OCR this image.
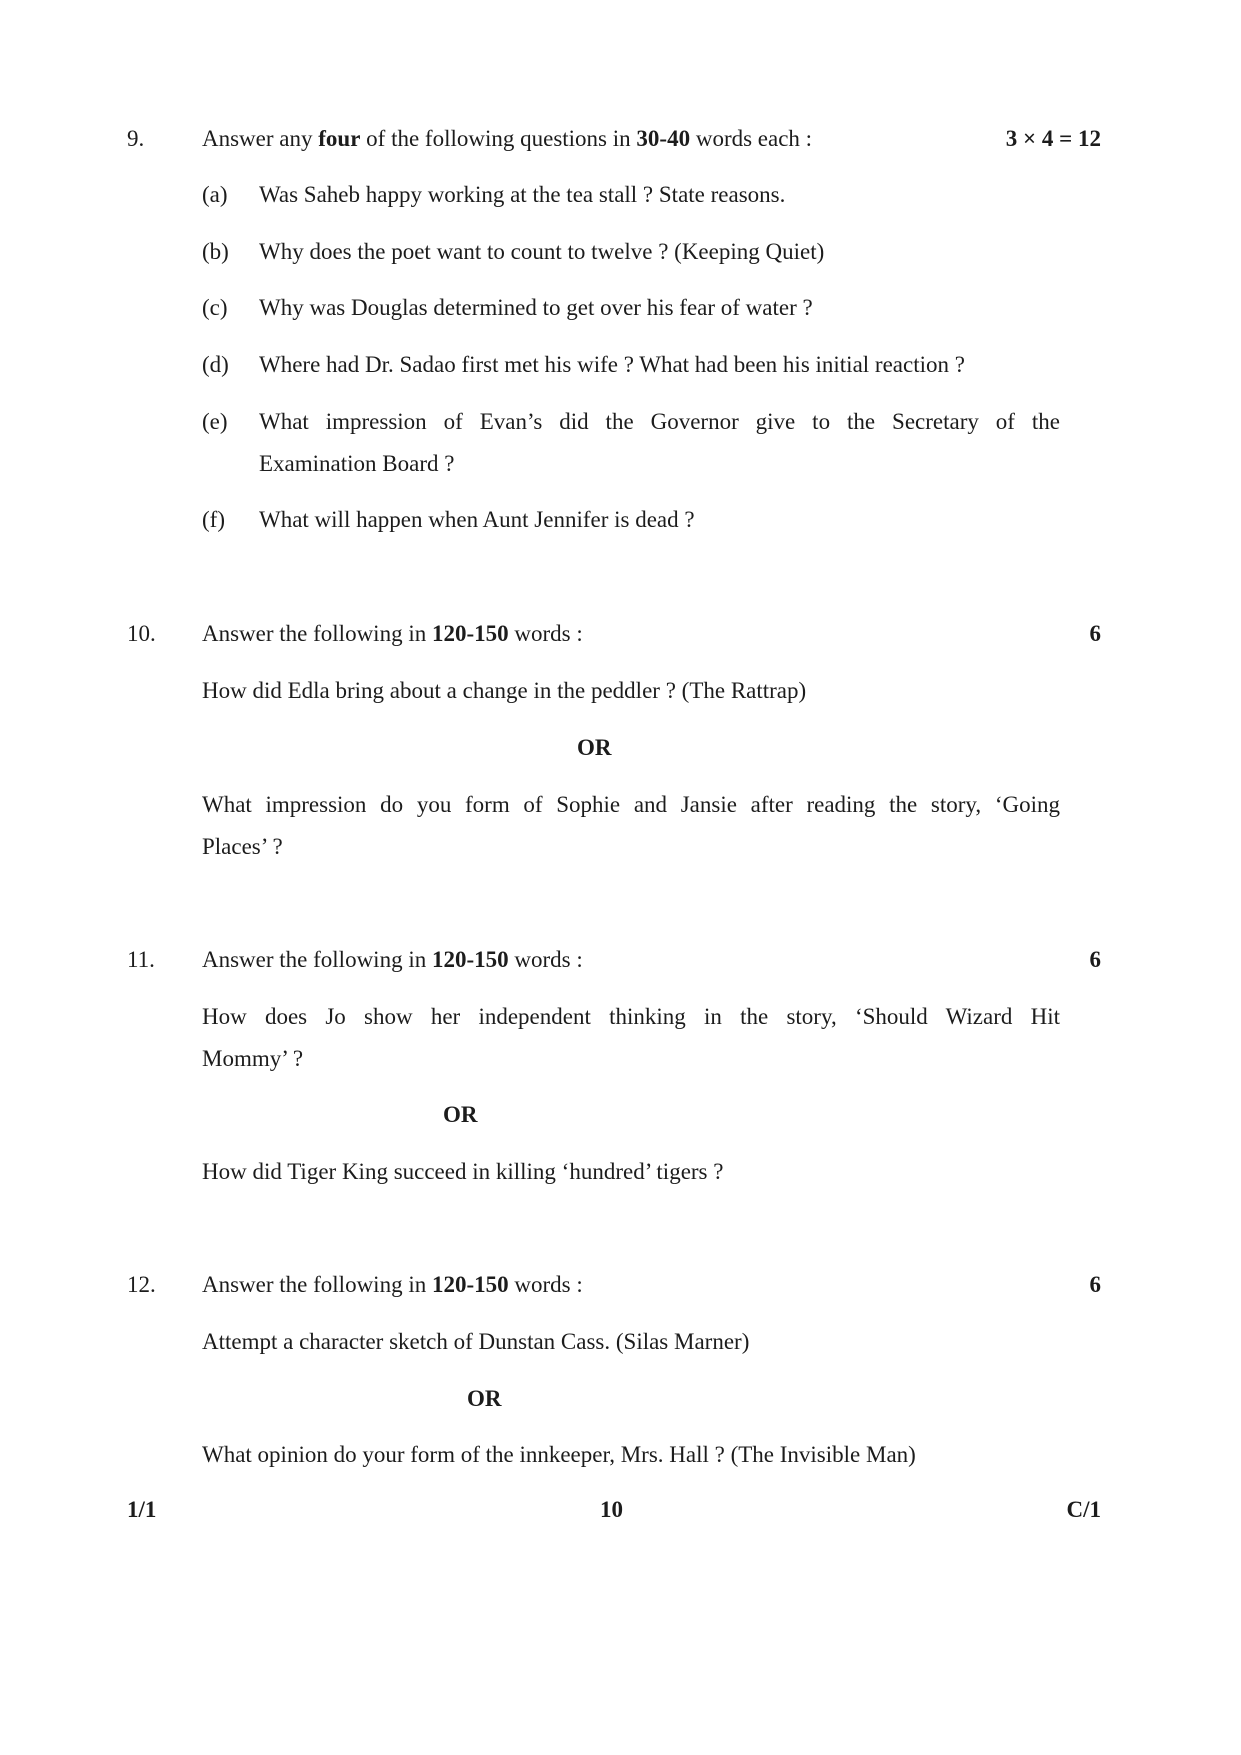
9.	Answer any four of the following questions in 30-40 words each :	3 × 4 = 12
(a) Was Saheb happy working at the tea stall ? State reasons.
(b) Why does the poet want to count to twelve ? (Keeping Quiet)
(c) Why was Douglas determined to get over his fear of water ?
(d) Where had Dr. Sadao first met his wife ? What had been his initial reaction ?
(e) What impression of Evan’s did the Governor give to the Secretary of the
Examination Board ?
(f) What will happen when Aunt Jennifer is dead ?
10. Answer the following in 120-150 words :	6
How did Edla bring about a change in the peddler ? (The Rattrap)
OR
What impression do you form of Sophie and Jansie after reading the story, ‘Going
Places’ ?
11. Answer the following in 120-150 words :	6
How does Jo show her independent thinking in the story, ‘Should Wizard Hit
Mommy’ ?
OR
How did Tiger King succeed in killing ‘hundred’ tigers ?
12. Answer the following in 120-150 words :	6
Attempt a character sketch of Dunstan Cass. (Silas Marner)
OR
What opinion do your form of the innkeeper, Mrs. Hall ? (The Invisible Man)
1/1	10	C/1
